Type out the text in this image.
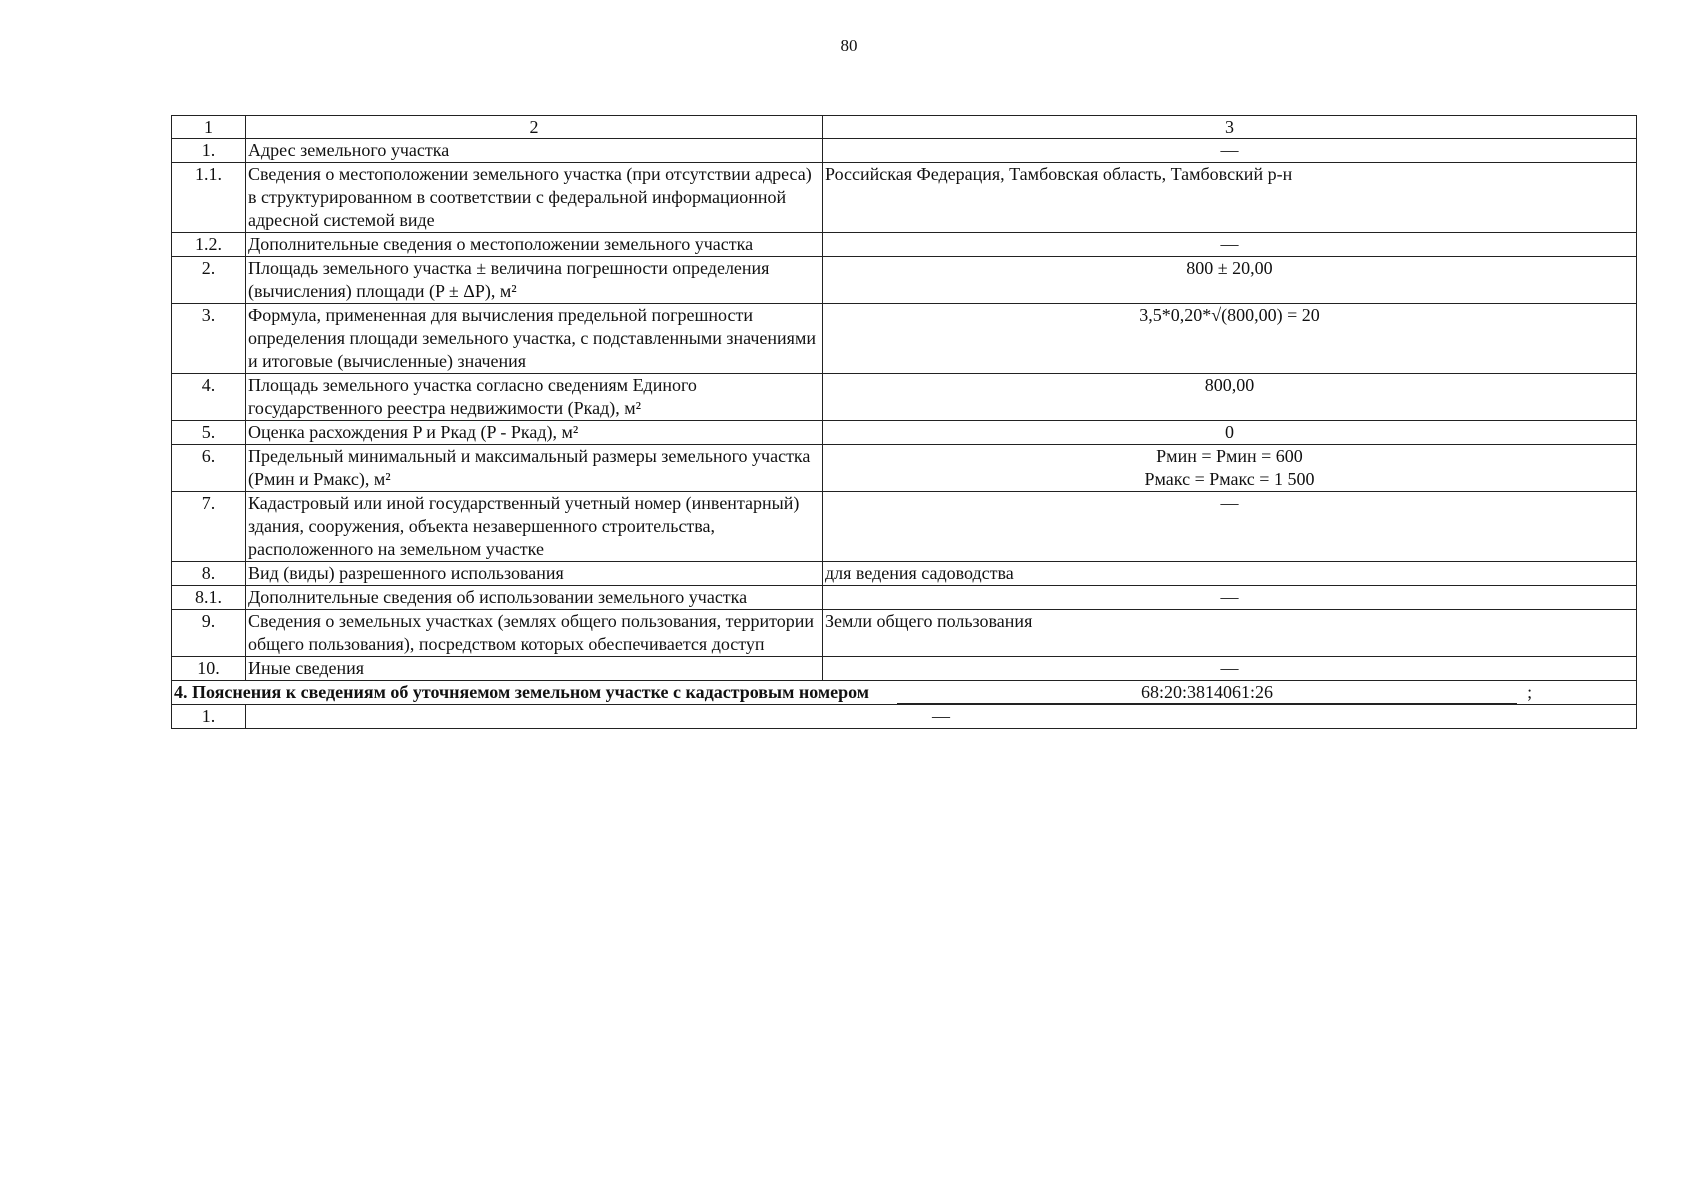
80
1	2	3
1.	Адрес земельного участка	—
1.1.	Сведения о местоположении земельного участка (при отсутствии адреса) в структурированном в соответствии с федеральной информационной адресной системой виде	Российская Федерация, Тамбовская область, Тамбовский р-н
1.2.	Дополнительные сведения о местоположении земельного участка	—
2.	Площадь земельного участка ± величина погрешности определения (вычисления) площади (P ± ΔP), м²	800 ± 20,00
3.	Формула, примененная для вычисления предельной погрешности определения площади земельного участка, с подставленными значениями и итоговые (вычисленные) значения	3,5*0,20*√(800,00) = 20
4.	Площадь земельного участка согласно сведениям Единого государственного реестра недвижимости (Pкад), м²	800,00
5.	Оценка расхождения P и Pкад (P - Pкад), м²	0
6.	Предельный минимальный и максимальный размеры земельного участка (Pмин и Pмакс), м²	Pмин = Pмин = 600
Pмакс = Pмакс = 1 500

7.	Кадастровый или иной государственный учетный номер (инвентарный) здания, сооружения, объекта незавершенного строительства, расположенного на земельном участке	—
8.	Вид (виды) разрешенного использования	для ведения садоводства
8.1.	Дополнительные сведения об использовании земельного участка	—
9.	Сведения о земельных участках (землях общего пользования, территории общего пользования), посредством которых обеспечивается доступ	Земли общего пользования
10.	Иные сведения	—

4. Пояснения к сведениям об уточняемом земельном участке с кадастровым номером 68:20:3814061:26 ;		

1.	—	
